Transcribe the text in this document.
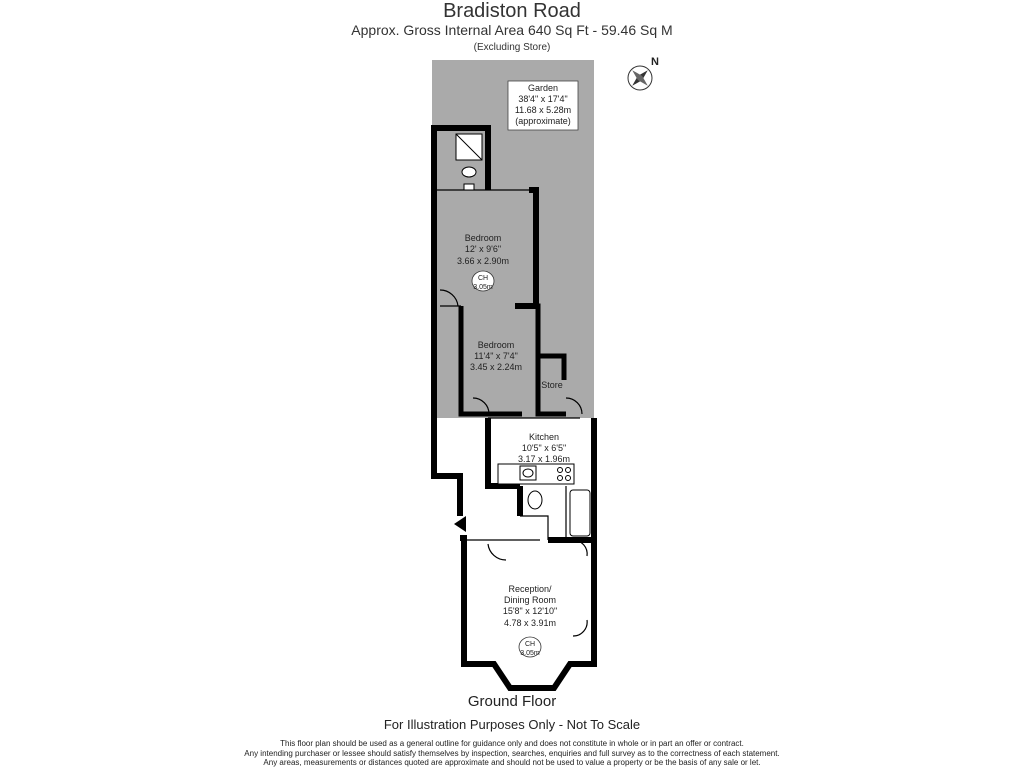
Bradiston Road
Approx. Gross Internal Area 640 Sq Ft - 59.46 Sq M
(Excluding Store)
Garden
38'4" x 17'4"
11.68 x 5.28m
(approximate)
N
Bedroom
12' x 9'6"
3.66 x 2.90m
CH
3.05m
Bedroom
11'4" x 7'4"
3.45 x 2.24m
Store
Kitchen
10'5" x 6'5"
3.17 x 1.96m
Reception/
Dining Room
15'8" x 12'10"
4.78 x 3.91m
CH
3.05m
Ground Floor
For Illustration Purposes Only - Not To Scale
This floor plan should be used as a general outline for guidance only and does not constitute in whole or in part an offer or contract.
Any intending purchaser or lessee should satisfy themselves by inspection, searches, enquiries and full survey as to the correctness of each statement.
Any areas, measurements or distances quoted are approximate and should not be used to value a property or be the basis of any sale or let.
